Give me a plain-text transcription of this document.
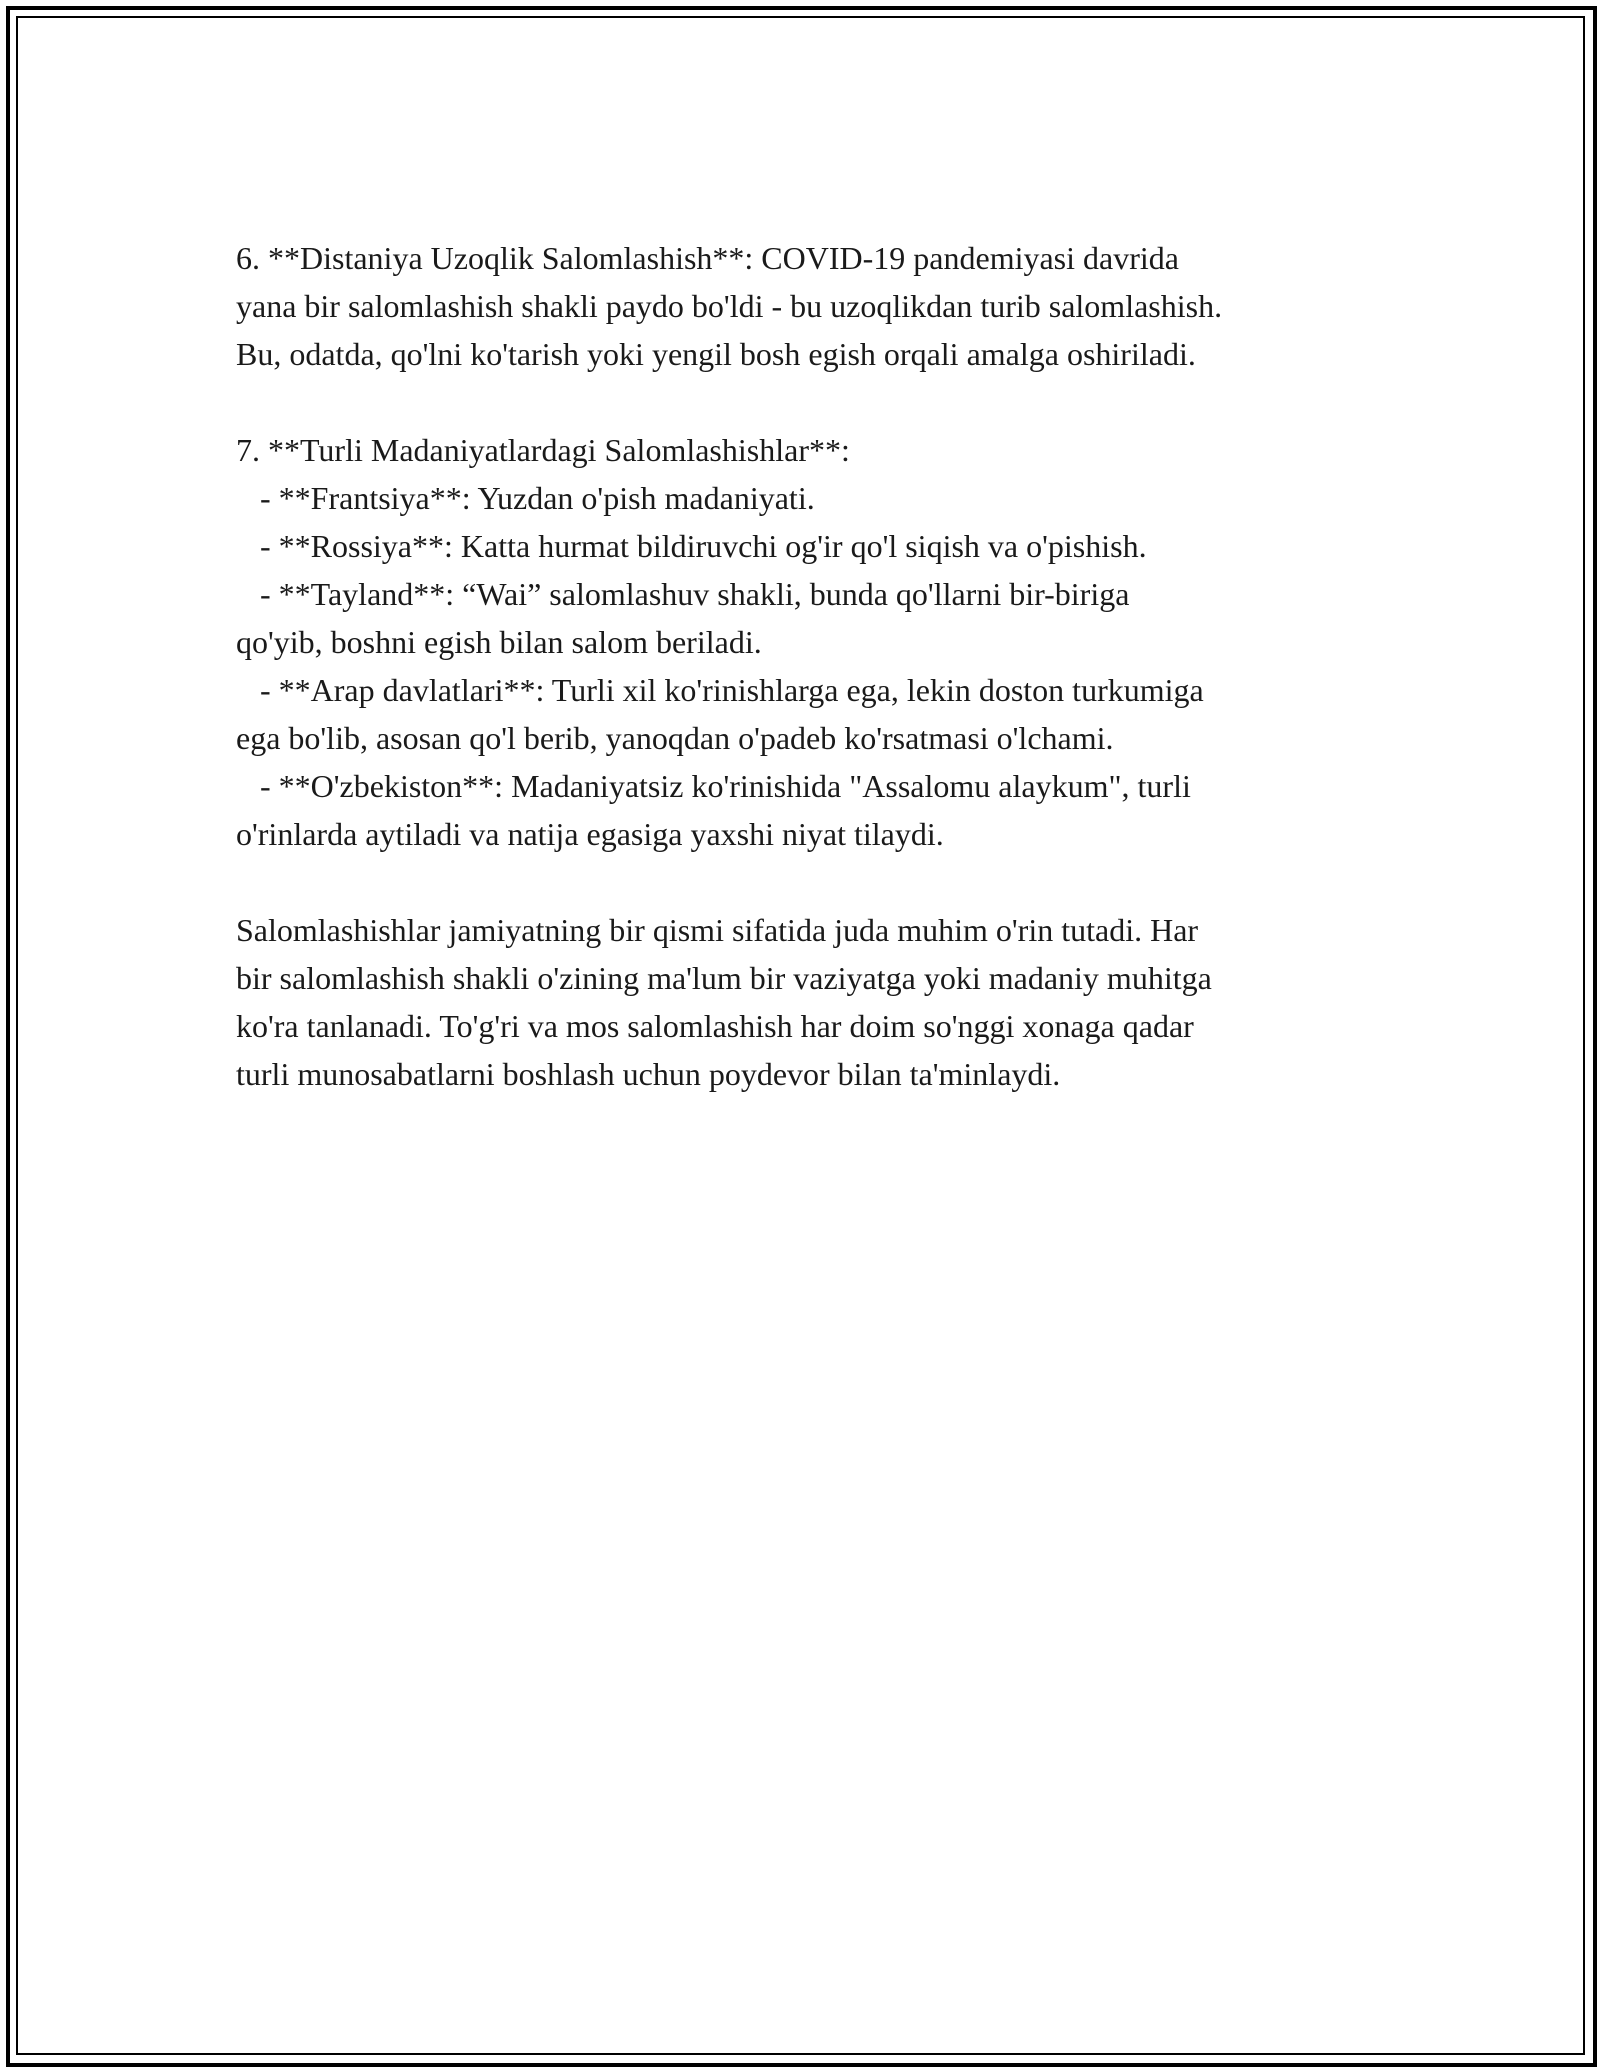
6. **Distaniya Uzoqlik Salomlashish**: COVID-19 pandemiyasi davrida
yana bir salomlashish shakli paydo bo'ldi - bu uzoqlikdan turib salomlashish.
Bu, odatda, qo'lni ko'tarish yoki yengil bosh egish orqali amalga oshiriladi.
7. **Turli Madaniyatlardagi Salomlashishlar**:
- **Frantsiya**: Yuzdan o'pish madaniyati.
- **Rossiya**: Katta hurmat bildiruvchi og'ir qo'l siqish va o'pishish.
- **Tayland**: “Wai” salomlashuv shakli, bunda qo'llarni bir-biriga
qo'yib, boshni egish bilan salom beriladi.
- **Arap davlatlari**: Turli xil ko'rinishlarga ega, lekin doston turkumiga
ega bo'lib, asosan qo'l berib, yanoqdan o'padeb ko'rsatmasi o'lchami.
- **O'zbekiston**: Madaniyatsiz ko'rinishida "Assalomu alaykum", turli
o'rinlarda aytiladi va natija egasiga yaxshi niyat tilaydi.
Salomlashishlar jamiyatning bir qismi sifatida juda muhim o'rin tutadi. Har
bir salomlashish shakli o'zining ma'lum bir vaziyatga yoki madaniy muhitga
ko'ra tanlanadi. To'g'ri va mos salomlashish har doim so'nggi xonaga qadar
turli munosabatlarni boshlash uchun poydevor bilan ta'minlaydi.
